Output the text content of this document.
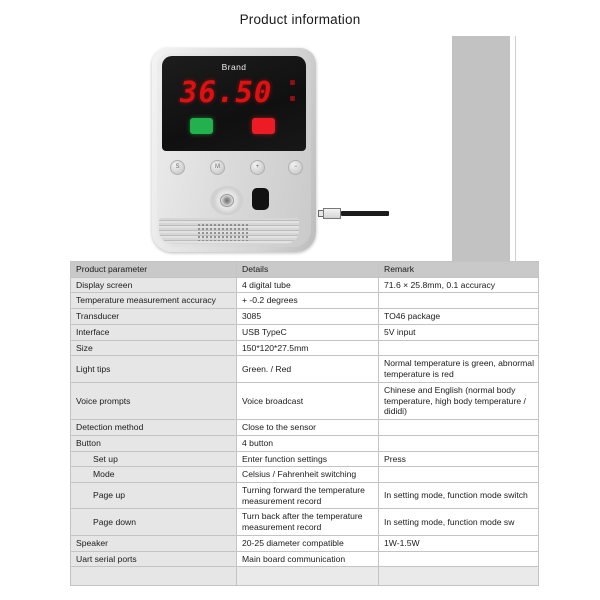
Product information
Brand
36.50
S	M	+	−
Product parameter	Details	Remark
Display screen	4 digital tube	71.6 × 25.8mm, 0.1 accuracy
Temperature measurement accuracy	+ -0.2 degrees	
Transducer	3085	TO46 package
Interface	USB TypeC	5V input
Size	150*120*27.5mm	
Light tips	Green. / Red	Normal temperature is green, abnormal temperature is red
Voice prompts	Voice broadcast	Chinese and English (normal body temperature, high body temperature / dididi)
Detection method	Close to the sensor	
Button	4 button	
Set up	Enter function settings	Press
Mode	Celsius / Fahrenheit switching	
Page up	Turning forward the temperature measurement record	In setting mode, function mode switch
Page down	Turn back after the temperature measurement record	In setting mode, function mode sw
Speaker	20-25 diameter compatible	1W-1.5W
Uart serial ports	Main board communication	
